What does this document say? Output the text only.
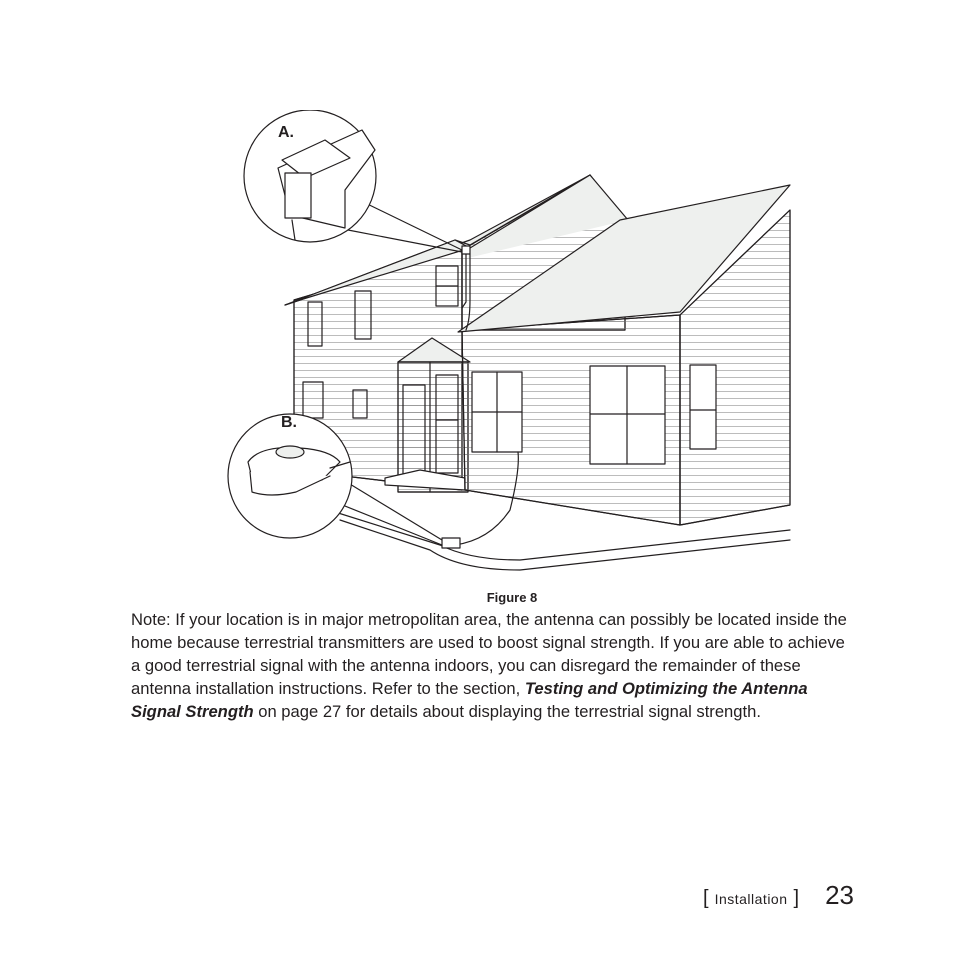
A.
B.
Figure 8

Note: If your location is in major metropolitan area, the antenna can possibly be located inside the home because terrestrial transmitters are used to boost signal strength. If you are able to achieve a good terrestrial signal with the antenna indoors, you can disregard the remainder of these antenna installation instructions. Refer to the section, Testing and Optimizing the Antenna Signal Strength on page 27 for details about displaying the terrestrial signal strength.

[ Installation ] 23
